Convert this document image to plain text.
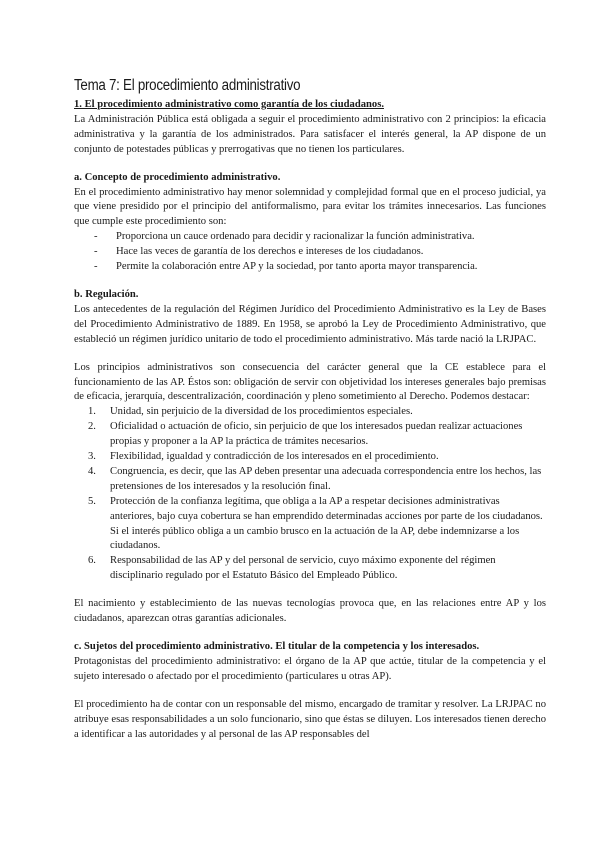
Tema 7: El procedimiento administrativo
1. El procedimiento administrativo como garantía de los ciudadanos.

La Administración Pública está obligada a seguir el procedimiento administrativo con 2 principios: la eficacia administrativa y la garantía de los administrados. Para satisfacer el interés general, la AP dispone de un conjunto de potestades públicas y prerrogativas que no tienen los particulares.

a. Concepto de procedimiento administrativo.

En el procedimiento administrativo hay menor solemnidad y complejidad formal que en el proceso judicial, ya que viene presidido por el principio del antiformalismo, para evitar los trámites innecesarios. Las funciones que cumple este procedimiento son:

- Proporciona un cauce ordenado para decidir y racionalizar la función administrativa.
- Hace las veces de garantía de los derechos e intereses de los ciudadanos.
- Permite la colaboración entre AP y la sociedad, por tanto aporta mayor transparencia.
b. Regulación.

Los antecedentes de la regulación del Régimen Jurídico del Procedimiento Administrativo es la Ley de Bases del Procedimiento Administrativo de 1889. En 1958, se aprobó la Ley de Procedimiento Administrativo, que estableció un régimen jurídico unitario de todo el procedimiento administrativo. Más tarde nació la LRJPAC.

Los principios administrativos son consecuencia del carácter general que la CE establece para el funcionamiento de las AP. Éstos son: obligación de servir con objetividad los intereses generales bajo premisas de eficacia, jerarquía, descentralización, coordinación y pleno sometimiento al Derecho. Podemos destacar:

1. Unidad, sin perjuicio de la diversidad de los procedimientos especiales.
2. Oficialidad o actuación de oficio, sin perjuicio de que los interesados puedan realizar actuaciones propias y proponer a la AP la práctica de trámites necesarios.
3. Flexibilidad, igualdad y contradicción de los interesados en el procedimiento.
4. Congruencia, es decir, que las AP deben presentar una adecuada correspondencia entre los hechos, las pretensiones de los interesados y la resolución final.
5. Protección de la confianza legítima, que obliga a la AP a respetar decisiones administrativas anteriores, bajo cuya cobertura se han emprendido determinadas acciones por parte de los ciudadanos. Si el interés público obliga a un cambio brusco en la actuación de la AP, debe indemnizarse a los ciudadanos.
6. Responsabilidad de las AP y del personal de servicio, cuyo máximo exponente del régimen disciplinario regulado por el Estatuto Básico del Empleado Público.

El nacimiento y establecimiento de las nuevas tecnologías provoca que, en las relaciones entre AP y los ciudadanos, aparezcan otras garantías adicionales.

c. Sujetos del procedimiento administrativo. El titular de la competencia y los interesados.

Protagonistas del procedimiento administrativo: el órgano de la AP que actúe, titular de la competencia y el sujeto interesado o afectado por el procedimiento (particulares u otras AP).

El procedimiento ha de contar con un responsable del mismo, encargado de tramitar y resolver. La LRJPAC no atribuye esas responsabilidades a un solo funcionario, sino que éstas se diluyen. Los interesados tienen derecho a identificar a las autoridades y al personal de las AP responsables del
